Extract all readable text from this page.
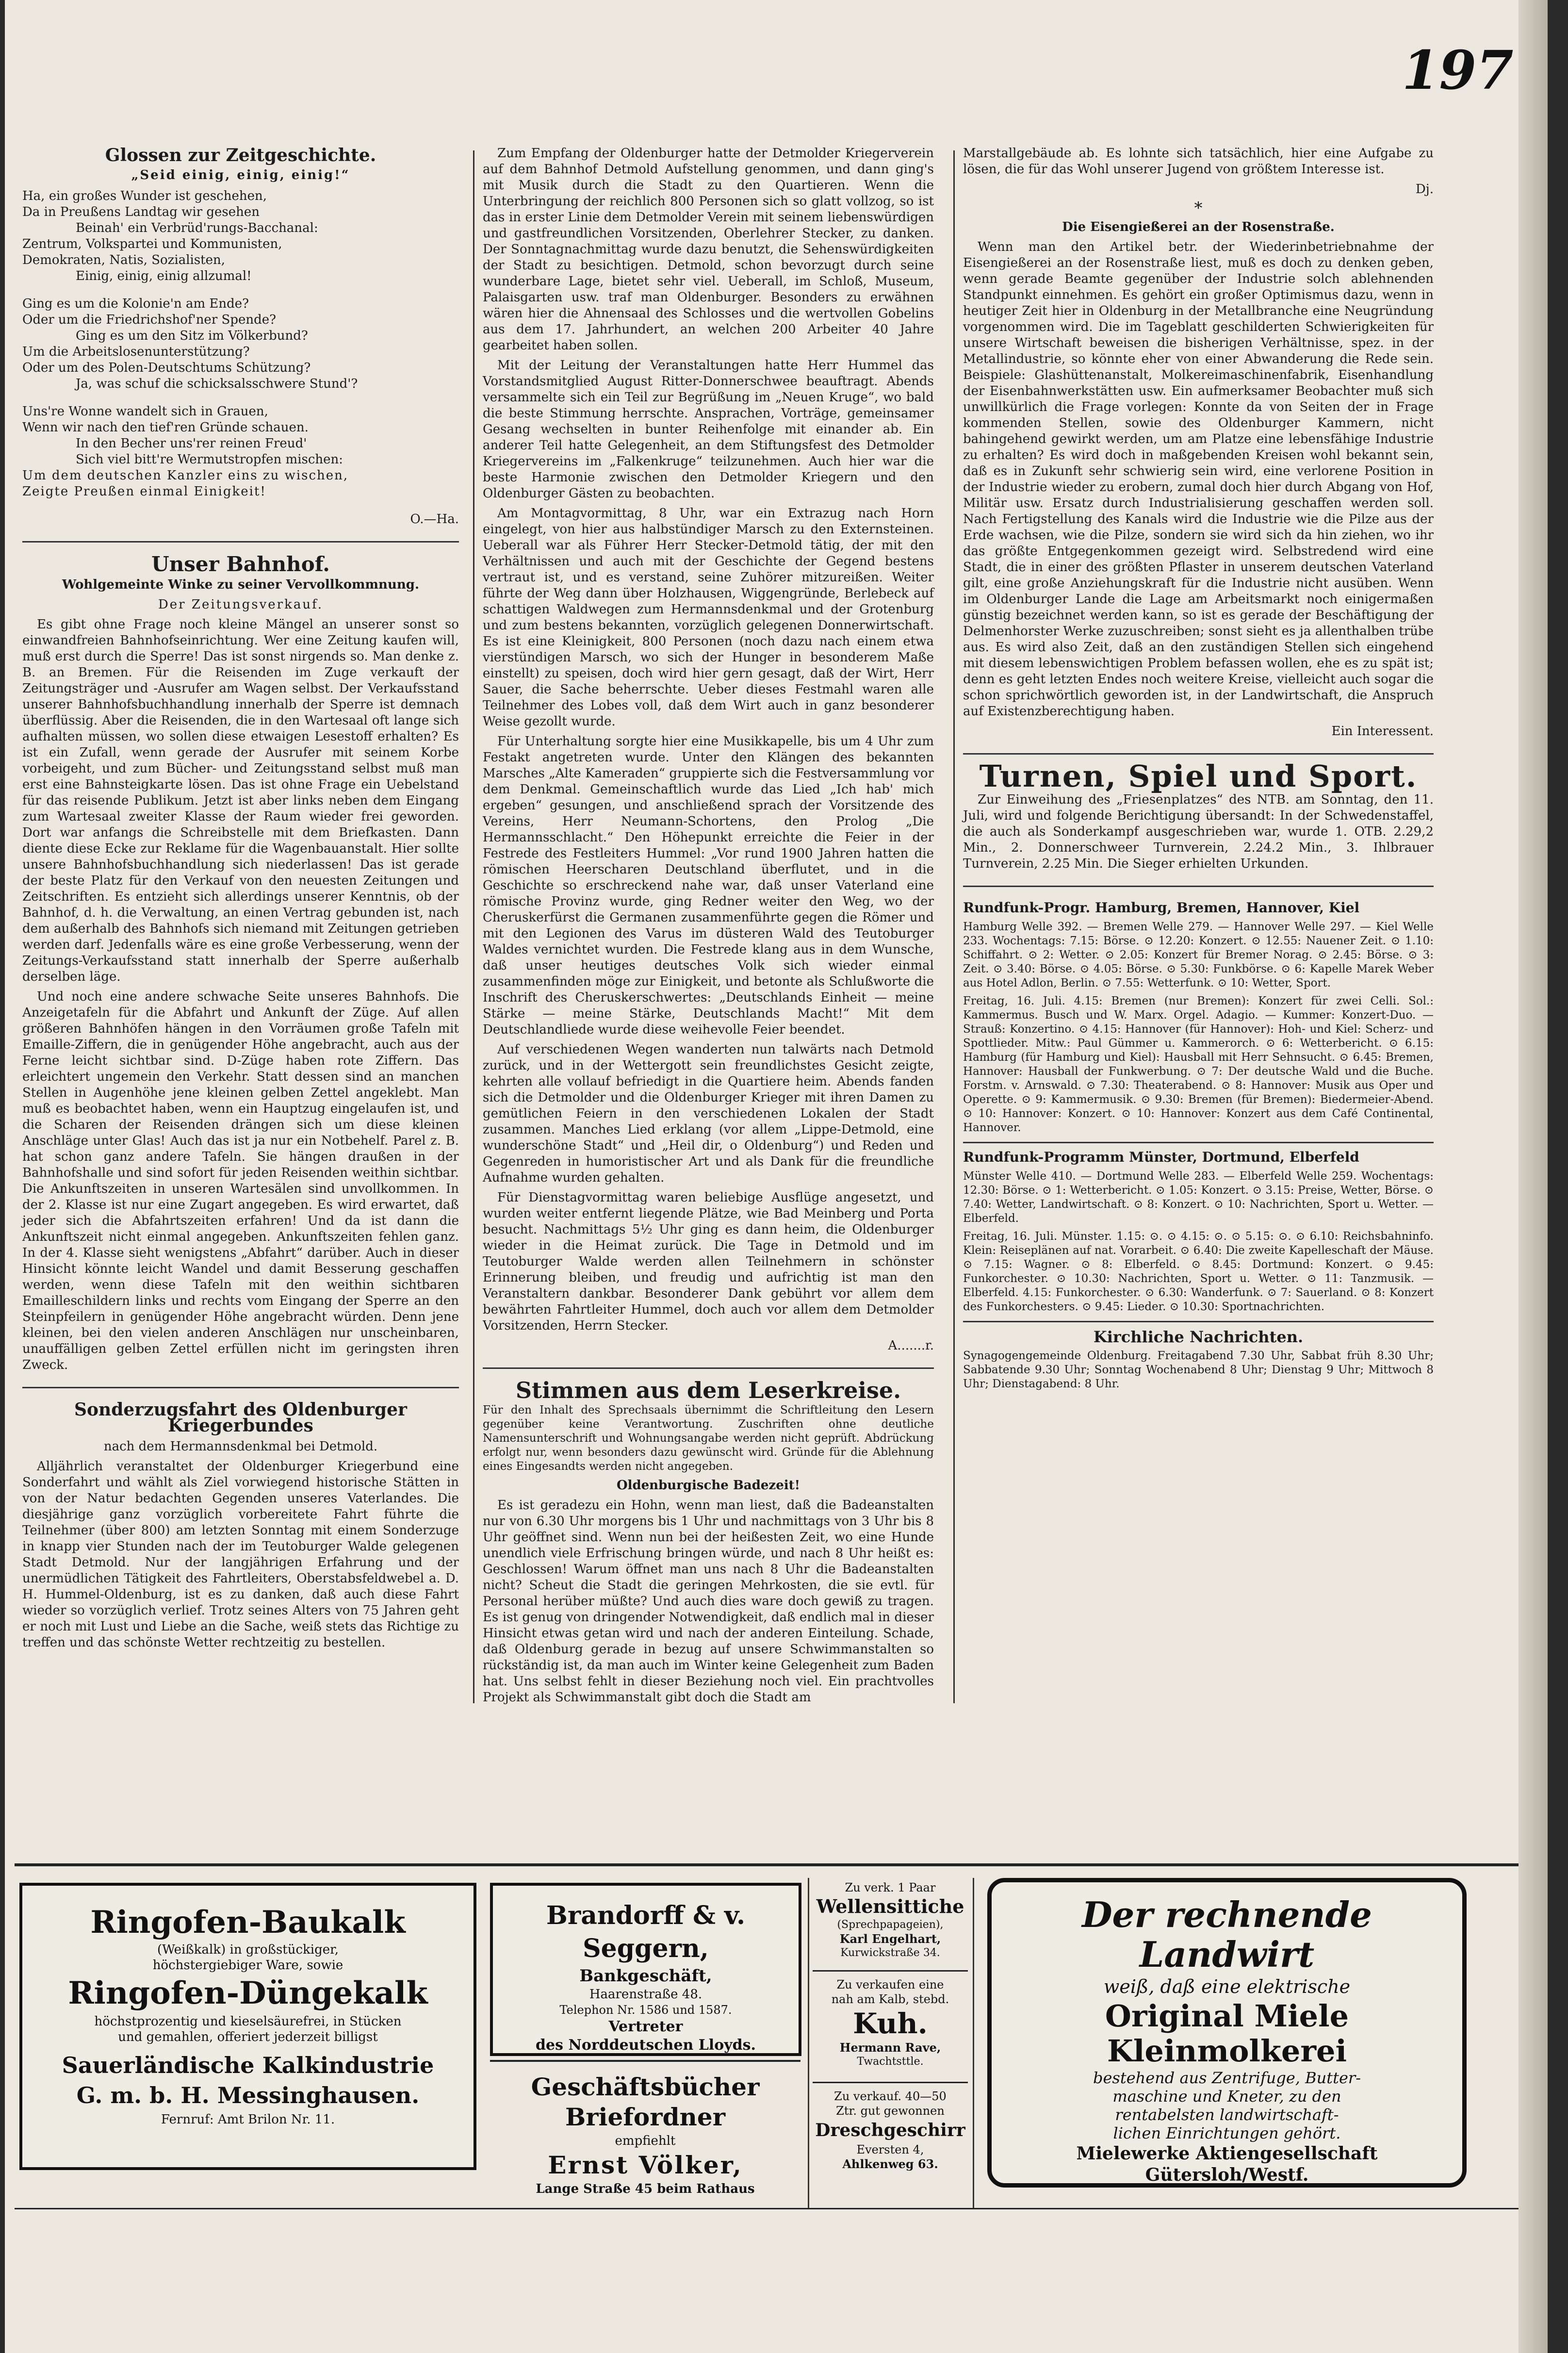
197
Glossen zur Zeitgeschichte.

„Seid einig, einig, einig!“

Ha, ein großes Wunder ist geschehen,

Da in Preußens Landtag wir gesehen

Beinah' ein Verbrüd'rungs-Bacchanal:

Zentrum, Volkspartei und Kommunisten,

Demokraten, Natis, Sozialisten,

Einig, einig, einig allzumal!

Ging es um die Kolonie'n am Ende?

Oder um die Friedrichshof'ner Spende?

Ging es um den Sitz im Völkerbund?

Um die Arbeitslosenunterstützung?

Oder um des Polen-Deutschtums Schützung?

Ja, was schuf die schicksalsschwere Stund'?

Uns're Wonne wandelt sich in Grauen,

Wenn wir nach den tief'ren Gründe schauen.

In den Becher uns'rer reinen Freud'

Sich viel bitt're Wermutstropfen mischen:

Um dem deutschen Kanzler eins zu wischen,

Zeigte Preußen einmal Einigkeit!

O.—Ha.
Unser Bahnhof.
Wohlgemeinte Winke zu seiner Vervollkommnung.

Der Zeitungsverkauf.

Es gibt ohne Frage noch kleine Mängel an unserer sonst so einwandfreien Bahnhofseinrichtung. Wer eine Zeitung kaufen will, muß erst durch die Sperre! Das ist sonst nirgends so. Man denke z. B. an Bremen. Für die Reisenden im Zuge verkauft der Zeitungsträger und -Ausrufer am Wagen selbst. Der Verkaufsstand unserer Bahnhofsbuchhandlung innerhalb der Sperre ist demnach überflüssig. Aber die Reisenden, die in den Wartesaal oft lange sich aufhalten müssen, wo sollen diese etwaigen Lesestoff erhalten? Es ist ein Zufall, wenn gerade der Ausrufer mit seinem Korbe vorbeigeht, und zum Bücher- und Zeitungsstand selbst muß man erst eine Bahnsteigkarte lösen. Das ist ohne Frage ein Uebelstand für das reisende Publikum. Jetzt ist aber links neben dem Eingang zum Wartesaal zweiter Klasse der Raum wieder frei geworden. Dort war anfangs die Schreibstelle mit dem Briefkasten. Dann diente diese Ecke zur Reklame für die Wagenbauanstalt. Hier sollte unsere Bahnhofsbuchhandlung sich niederlassen! Das ist gerade der beste Platz für den Verkauf von den neuesten Zeitungen und Zeitschriften. Es entzieht sich allerdings unserer Kenntnis, ob der Bahnhof, d. h. die Verwaltung, an einen Vertrag gebunden ist, nach dem außerhalb des Bahnhofs sich niemand mit Zeitungen getrieben werden darf. Jedenfalls wäre es eine große Verbesserung, wenn der Zeitungs-Verkaufsstand statt innerhalb der Sperre außerhalb derselben läge.

Und noch eine andere schwache Seite unseres Bahnhofs. Die Anzeigetafeln für die Abfahrt und Ankunft der Züge. Auf allen größeren Bahnhöfen hängen in den Vorräumen große Tafeln mit Emaille-Ziffern, die in genügender Höhe angebracht, auch aus der Ferne leicht sichtbar sind. D-Züge haben rote Ziffern. Das erleichtert ungemein den Verkehr. Statt dessen sind an manchen Stellen in Augenhöhe jene kleinen gelben Zettel angeklebt. Man muß es beobachtet haben, wenn ein Hauptzug eingelaufen ist, und die Scharen der Reisenden drängen sich um diese kleinen Anschläge unter Glas! Auch das ist ja nur ein Notbehelf. Parel z. B. hat schon ganz andere Tafeln. Sie hängen draußen in der Bahnhofshalle und sind sofort für jeden Reisenden weithin sichtbar. Die Ankunftszeiten in unseren Wartesälen sind unvollkommen. In der 2. Klasse ist nur eine Zugart angegeben. Es wird erwartet, daß jeder sich die Abfahrtszeiten erfahren! Und da ist dann die Ankunftszeit nicht einmal angegeben. Ankunftszeiten fehlen ganz. In der 4. Klasse sieht wenigstens „Abfahrt“ darüber. Auch in dieser Hinsicht könnte leicht Wandel und damit Besserung geschaffen werden, wenn diese Tafeln mit den weithin sichtbaren Emailleschildern links und rechts vom Eingang der Sperre an den Steinpfeilern in genügender Höhe angebracht würden. Denn jene kleinen, bei den vielen anderen Anschlägen nur unscheinbaren, unauffälligen gelben Zettel erfüllen nicht im geringsten ihren Zweck.

Sonderzugsfahrt des Oldenburger Kriegerbundes

nach dem Hermannsdenkmal bei Detmold.

Alljährlich veranstaltet der Oldenburger Kriegerbund eine Sonderfahrt und wählt als Ziel vorwiegend historische Stätten in von der Natur bedachten Gegenden unseres Vaterlandes. Die diesjährige ganz vorzüglich vorbereitete Fahrt führte die Teilnehmer (über 800) am letzten Sonntag mit einem Sonderzuge in knapp vier Stunden nach der im Teutoburger Walde gelegenen Stadt Detmold. Nur der langjährigen Erfahrung und der unermüdlichen Tätigkeit des Fahrtleiters, Oberstabsfeldwebel a. D. H. Hummel-Oldenburg, ist es zu danken, daß auch diese Fahrt wieder so vorzüglich verlief. Trotz seines Alters von 75 Jahren geht er noch mit Lust und Liebe an die Sache, weiß stets das Richtige zu treffen und das schönste Wetter rechtzeitig zu bestellen.

Zum Empfang der Oldenburger hatte der Detmolder Kriegerverein auf dem Bahnhof Detmold Aufstellung genommen, und dann ging's mit Musik durch die Stadt zu den Quartieren. Wenn die Unterbringung der reichlich 800 Personen sich so glatt vollzog, so ist das in erster Linie dem Detmolder Verein mit seinem liebenswürdigen und gastfreundlichen Vorsitzenden, Oberlehrer Stecker, zu danken. Der Sonntagnachmittag wurde dazu benutzt, die Sehenswürdigkeiten der Stadt zu besichtigen. Detmold, schon bevorzugt durch seine wunderbare Lage, bietet sehr viel. Ueberall, im Schloß, Museum, Palaisgarten usw. traf man Oldenburger. Besonders zu erwähnen wären hier die Ahnensaal des Schlosses und die wertvollen Gobelins aus dem 17. Jahrhundert, an welchen 200 Arbeiter 40 Jahre gearbeitet haben sollen.

Mit der Leitung der Veranstaltungen hatte Herr Hummel das Vorstandsmitglied August Ritter-Donnerschwee beauftragt. Abends versammelte sich ein Teil zur Begrüßung im „Neuen Kruge“, wo bald die beste Stimmung herrschte. Ansprachen, Vorträge, gemeinsamer Gesang wechselten in bunter Reihenfolge mit einander ab. Ein anderer Teil hatte Gelegenheit, an dem Stiftungsfest des Detmolder Kriegervereins im „Falkenkruge“ teilzunehmen. Auch hier war die beste Harmonie zwischen den Detmolder Kriegern und den Oldenburger Gästen zu beobachten.

Am Montagvormittag, 8 Uhr, war ein Extrazug nach Horn eingelegt, von hier aus halbstündiger Marsch zu den Externsteinen. Ueberall war als Führer Herr Stecker-Detmold tätig, der mit den Verhältnissen und auch mit der Geschichte der Gegend bestens vertraut ist, und es verstand, seine Zuhörer mitzureißen. Weiter führte der Weg dann über Holzhausen, Wiggengründe, Berlebeck auf schattigen Waldwegen zum Hermannsdenkmal und der Grotenburg und zum bestens bekannten, vorzüglich gelegenen Donnerwirtschaft. Es ist eine Kleinigkeit, 800 Personen (noch dazu nach einem etwa vierstündigen Marsch, wo sich der Hunger in besonderem Maße einstellt) zu speisen, doch wird hier gern gesagt, daß der Wirt, Herr Sauer, die Sache beherrschte. Ueber dieses Festmahl waren alle Teilnehmer des Lobes voll, daß dem Wirt auch in ganz besonderer Weise gezollt wurde.

Für Unterhaltung sorgte hier eine Musikkapelle, bis um 4 Uhr zum Festakt angetreten wurde. Unter den Klängen des bekannten Marsches „Alte Kameraden“ gruppierte sich die Festversammlung vor dem Denkmal. Gemeinschaftlich wurde das Lied „Ich hab' mich ergeben“ gesungen, und anschließend sprach der Vorsitzende des Vereins, Herr Neumann-Schortens, den Prolog „Die Hermannsschlacht.“ Den Höhepunkt erreichte die Feier in der Festrede des Festleiters Hummel: „Vor rund 1900 Jahren hatten die römischen Heerscharen Deutschland überflutet, und in die Geschichte so erschreckend nahe war, daß unser Vaterland eine römische Provinz wurde, ging Redner weiter den Weg, wo der Cheruskerfürst die Germanen zusammenführte gegen die Römer und mit den Legionen des Varus im düsteren Wald des Teutoburger Waldes vernichtet wurden. Die Festrede klang aus in dem Wunsche, daß unser heutiges deutsches Volk sich wieder einmal zusammenfinden möge zur Einigkeit, und betonte als Schlußworte die Inschrift des Cheruskerschwertes: „Deutschlands Einheit — meine Stärke — meine Stärke, Deutschlands Macht!“ Mit dem Deutschlandliede wurde diese weihevolle Feier beendet.

Auf verschiedenen Wegen wanderten nun talwärts nach Detmold zurück, und in der Wettergott sein freundlichstes Gesicht zeigte, kehrten alle vollauf befriedigt in die Quartiere heim. Abends fanden sich die Detmolder und die Oldenburger Krieger mit ihren Damen zu gemütlichen Feiern in den verschiedenen Lokalen der Stadt zusammen. Manches Lied erklang (vor allem „Lippe-Detmold, eine wunderschöne Stadt“ und „Heil dir, o Oldenburg“) und Reden und Gegenreden in humoristischer Art und als Dank für die freundliche Aufnahme wurden gehalten.

Für Dienstagvormittag waren beliebige Ausflüge angesetzt, und wurden weiter entfernt liegende Plätze, wie Bad Meinberg und Porta besucht. Nachmittags 5½ Uhr ging es dann heim, die Oldenburger wieder in die Heimat zurück. Die Tage in Detmold und im Teutoburger Walde werden allen Teilnehmern in schönster Erinnerung bleiben, und freudig und aufrichtig ist man den Veranstaltern dankbar. Besonderer Dank gebührt vor allem dem bewährten Fahrtleiter Hummel, doch auch vor allem dem Detmolder Vorsitzenden, Herrn Stecker.

A.......r.
Stimmen aus dem Leserkreise.

Für den Inhalt des Sprechsaals übernimmt die Schriftleitung den Lesern gegenüber keine Verantwortung. Zuschriften ohne deutliche Namensunterschrift und Wohnungsangabe werden nicht geprüft. Abdrückung erfolgt nur, wenn besonders dazu gewünscht wird. Gründe für die Ablehnung eines Eingesandts werden nicht angegeben.

Oldenburgische Badezeit!

Es ist geradezu ein Hohn, wenn man liest, daß die Badeanstalten nur von 6.30 Uhr morgens bis 1 Uhr und nachmittags von 3 Uhr bis 8 Uhr geöffnet sind. Wenn nun bei der heißesten Zeit, wo eine Hunde unendlich viele Erfrischung bringen würde, und nach 8 Uhr heißt es: Geschlossen! Warum öffnet man uns nach 8 Uhr die Badeanstalten nicht? Scheut die Stadt die geringen Mehrkosten, die sie evtl. für Personal herüber müßte? Und auch dies ware doch gewiß zu tragen. Es ist genug von dringender Notwendigkeit, daß endlich mal in dieser Hinsicht etwas getan wird und nach der anderen Einteilung. Schade, daß Oldenburg gerade in bezug auf unsere Schwimmanstalten so rückständig ist, da man auch im Winter keine Gelegenheit zum Baden hat. Uns selbst fehlt in dieser Beziehung noch viel. Ein prachtvolles Projekt als Schwimmanstalt gibt doch die Stadt am

Marstallgebäude ab. Es lohnte sich tatsächlich, hier eine Aufgabe zu lösen, die für das Wohl unserer Jugend von größtem Interesse ist.

Dj.
*

Die Eisengießerei an der Rosenstraße.

Wenn man den Artikel betr. der Wiederinbetriebnahme der Eisengießerei an der Rosenstraße liest, muß es doch zu denken geben, wenn gerade Beamte gegenüber der Industrie solch ablehnenden Standpunkt einnehmen. Es gehört ein großer Optimismus dazu, wenn in heutiger Zeit hier in Oldenburg in der Metallbranche eine Neugründung vorgenommen wird. Die im Tageblatt geschilderten Schwierigkeiten für unsere Wirtschaft beweisen die bisherigen Verhältnisse, spez. in der Metallindustrie, so könnte eher von einer Abwanderung die Rede sein. Beispiele: Glashüttenanstalt, Molkereimaschinenfabrik, Eisenhandlung der Eisenbahnwerkstätten usw. Ein aufmerksamer Beobachter muß sich unwillkürlich die Frage vorlegen: Konnte da von Seiten der in Frage kommenden Stellen, sowie des Oldenburger Kammern, nicht bahingehend gewirkt werden, um am Platze eine lebensfähige Industrie zu erhalten? Es wird doch in maßgebenden Kreisen wohl bekannt sein, daß es in Zukunft sehr schwierig sein wird, eine verlorene Position in der Industrie wieder zu erobern, zumal doch hier durch Abgang von Hof, Militär usw. Ersatz durch Industrialisierung geschaffen werden soll. Nach Fertigstellung des Kanals wird die Industrie wie die Pilze aus der Erde wachsen, wie die Pilze, sondern sie wird sich da hin ziehen, wo ihr das größte Entgegenkommen gezeigt wird. Selbstredend wird eine Stadt, die in einer des größten Pflaster in unserem deutschen Vaterland gilt, eine große Anziehungskraft für die Industrie nicht ausüben. Wenn im Oldenburger Lande die Lage am Arbeitsmarkt noch einigermaßen günstig bezeichnet werden kann, so ist es gerade der Beschäftigung der Delmenhorster Werke zuzuschreiben; sonst sieht es ja allenthalben trübe aus. Es wird also Zeit, daß an den zuständigen Stellen sich eingehend mit diesem lebenswichtigen Problem befassen wollen, ehe es zu spät ist; denn es geht letzten Endes noch weitere Kreise, vielleicht auch sogar die schon sprichwörtlich geworden ist, in der Landwirtschaft, die Anspruch auf Existenzberechtigung haben.

Ein Interessent.
Turnen, Spiel und Sport.

Zur Einweihung des „Friesenplatzes“ des NTB. am Sonntag, den 11. Juli, wird und folgende Berichtigung übersandt: In der Schwedenstaffel, die auch als Sonderkampf ausgeschrieben war, wurde 1. OTB. 2.29,2 Min., 2. Donnerschweer Turnverein, 2.24.2 Min., 3. Ihlbrauer Turnverein, 2.25 Min. Die Sieger erhielten Urkunden.

Rundfunk-Progr. Hamburg, Bremen, Hannover, Kiel

Hamburg Welle 392. — Bremen Welle 279. — Hannover Welle 297. — Kiel Welle 233. Wochentags: 7.15: Börse. ⊙ 12.20: Konzert. ⊙ 12.55: Nauener Zeit. ⊙ 1.10: Schiffahrt. ⊙ 2: Wetter. ⊙ 2.05: Konzert für Bremer Norag. ⊙ 2.45: Börse. ⊙ 3: Zeit. ⊙ 3.40: Börse. ⊙ 4.05: Börse. ⊙ 5.30: Funkbörse. ⊙ 6: Kapelle Marek Weber aus Hotel Adlon, Berlin. ⊙ 7.55: Wetterfunk. ⊙ 10: Wetter, Sport.

Freitag, 16. Juli. 4.15: Bremen (nur Bremen): Konzert für zwei Celli. Sol.: Kammermus. Busch und W. Marx. Orgel. Adagio. — Kummer: Konzert-Duo. — Strauß: Konzertino. ⊙ 4.15: Hannover (für Hannover): Hoh- und Kiel: Scherz- und Spottlieder. Mitw.: Paul Gümmer u. Kammerorch. ⊙ 6: Wetterbericht. ⊙ 6.15: Hamburg (für Hamburg und Kiel): Hausball mit Herr Sehnsucht. ⊙ 6.45: Bremen, Hannover: Hausball der Funkwerbung. ⊙ 7: Der deutsche Wald und die Buche. Forstm. v. Arnswald. ⊙ 7.30: Theaterabend. ⊙ 8: Hannover: Musik aus Oper und Operette. ⊙ 9: Kammermusik. ⊙ 9.30: Bremen (für Bremen): Biedermeier-Abend. ⊙ 10: Hannover: Konzert. ⊙ 10: Hannover: Konzert aus dem Café Continental, Hannover.

Rundfunk-Programm Münster, Dortmund, Elberfeld

Münster Welle 410. — Dortmund Welle 283. — Elberfeld Welle 259. Wochentags: 12.30: Börse. ⊙ 1: Wetterbericht. ⊙ 1.05: Konzert. ⊙ 3.15: Preise, Wetter, Börse. ⊙ 7.40: Wetter, Landwirtschaft. ⊙ 8: Konzert. ⊙ 10: Nachrichten, Sport u. Wetter. — Elberfeld.

Freitag, 16. Juli. Münster. 1.15: ⊙. ⊙ 4.15: ⊙. ⊙ 5.15: ⊙. ⊙ 6.10: Reichsbahninfo. Klein: Reiseplänen auf nat. Vorarbeit. ⊙ 6.40: Die zweite Kapelleschaft der Mäuse. ⊙ 7.15: Wagner. ⊙ 8: Elberfeld. ⊙ 8.45: Dortmund: Konzert. ⊙ 9.45: Funkorchester. ⊙ 10.30: Nachrichten, Sport u. Wetter. ⊙ 11: Tanzmusik. — Elberfeld. 4.15: Funkorchester. ⊙ 6.30: Wanderfunk. ⊙ 7: Sauerland. ⊙ 8: Konzert des Funkorchesters. ⊙ 9.45: Lieder. ⊙ 10.30: Sportnachrichten.

Kirchliche Nachrichten.

Synagogengemeinde Oldenburg. Freitagabend 7.30 Uhr, Sabbat früh 8.30 Uhr; Sabbatende 9.30 Uhr; Sonntag Wochenabend 8 Uhr; Dienstag 9 Uhr; Mittwoch 8 Uhr; Dienstagabend: 8 Uhr.

Ringofen-Baukalk
(Weißkalk) in großstückiger,
höchstergiebiger Ware, sowie
Ringofen-Düngekalk
höchstprozentig und kieselsäurefrei, in Stücken
und gemahlen, offeriert jederzeit billigst
Sauerländische Kalkindustrie
G. m. b. H. Messinghausen.
Fernruf: Amt Brilon Nr. 11.
Brandorff & v. Seggern,
Bankgeschäft,
Haarenstraße 48.
Telephon Nr. 1586 und 1587.
Vertreter
des Norddeutschen Lloyds.
Geschäftsbücher
Briefordner
empfiehlt
Ernst Völker,
Lange Straße 45 beim Rathaus
Zu verk. 1 Paar
Wellensittiche
(Sprechpapageien),
Karl Engelhart,
Kurwickstraße 34.
Zu verkaufen eine
nah am Kalb, stebd.
Kuh.
Hermann Rave,
Twachtsttle.
Zu verkauf. 40—50
Ztr. gut gewonnen
Dreschgeschirr
Eversten 4,
Ahlkenweg 63.
Der rechnende
Landwirt
weiß, daß eine elektrische
Original Miele
Kleinmolkerei
bestehend aus Zentrifuge, Butter-
maschine und Kneter, zu den
rentabelsten landwirtschaft-
lichen Einrichtungen gehört.
Mielewerke Aktiengesellschaft
Gütersloh/Westf.
